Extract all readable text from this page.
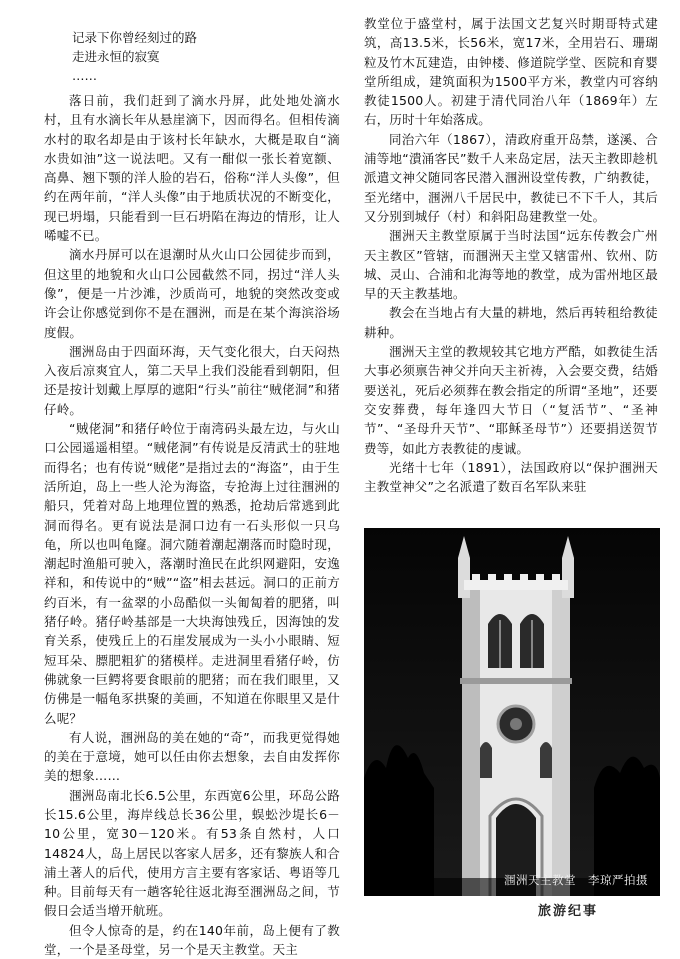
记录下你曾经刻过的路
走进永恒的寂寞
……

落日前，我们赶到了滴水丹屏，此处地处滴水村，且有水滴长年从悬崖滴下，因而得名。但相传滴水村的取名却是由于该村长年缺水，大概是取自“滴水贵如油”这一说法吧。又有一酣似一张长着宽额、高鼻、翘下颚的洋人脸的岩石，俗称“洋人头像”，但约在两年前，“洋人头像”由于地质状况的不断变化，现已坍塌，只能看到一巨石坍陷在海边的情形，让人唏嘘不已。

滴水丹屏可以在退潮时从火山口公园徒步而到，但这里的地貌和火山口公园截然不同，拐过“洋人头像”，便是一片沙滩，沙质尚可，地貌的突然改变或许会让你感觉到你不是在涠洲，而是在某个海滨浴场度假。

涠洲岛由于四面环海，天气变化很大，白天闷热入夜后凉爽宜人，第二天早上我们没能看到朝阳，但还是按计划戴上厚厚的遮阳“行头”前往“贼佬洞”和猪仔岭。

“贼佬洞”和猪仔岭位于南湾码头最左边，与火山口公园遥遥相望。“贼佬洞”有传说是反清武士的驻地而得名；也有传说“贼佬”是指过去的“海盗”，由于生活所迫，岛上一些人沦为海盗，专抢海上过往涠洲的船只，凭着对岛上地理位置的熟悉，抢劫后常逃到此洞而得名。更有说法是洞口边有一石头形似一只乌龟，所以也叫龟窿。洞穴随着潮起潮落而时隐时现，潮起时渔船可驶入，落潮时渔民在此织网避阳，安逸祥和，和传说中的“贼”“盗”相去甚远。洞口的正前方约百米，有一盆翠的小岛酷似一头匍匐着的肥猪，叫猪仔岭。猪仔岭基部是一大块海蚀残丘，因海蚀的发育关系，使残丘上的石崖发展成为一头小小眼睛、短短耳朵、膘肥粗犷的猪模样。走进洞里看猪仔岭，仿佛就象一巨鳄将要食眼前的肥猪；而在我们眼里，又仿佛是一幅龟豕拱聚的美画，不知道在你眼里又是什么呢？

有人说，涠洲岛的美在她的“奇”，而我更觉得她的美在于意境，她可以任由你去想象，去自由发挥你美的想象……

涠洲岛南北长6.5公里，东西宽6公里，环岛公路长15.6公里，海岸线总长36公里，蜈蚣沙堤长6－10公里，宽30－120米。有53条自然村，人口14824人，岛上居民以客家人居多，还有黎族人和合浦土著人的后代，使用方言主要有客家话、粤语等几种。目前每天有一趟客轮往返北海至涠洲岛之间，节假日会适当增开航班。

但令人惊奇的是，约在140年前，岛上便有了教堂，一个是圣母堂，另一个是天主教堂。天主

教堂位于盛堂村，属于法国文艺复兴时期哥特式建筑，高13.5米，长56米，宽17米，全用岩石、珊瑚粒及竹木瓦建造，由钟楼、修道院学堂、医院和育婴堂所组成，建筑面积为1500平方米，教堂内可容纳教徒1500人。初建于清代同治八年（1869年）左右，历时十年始落成。

同治六年（1867），清政府重开岛禁，遂溪、合浦等地“潰涌客民”数千人来岛定居，法天主教即趁机派遣文神父随同客民潜入涠洲设堂传教，广纳教徒，至光绪中，涠洲八千居民中，教徒已不下千人，其后又分别到城仔（村）和斜阳岛建教堂一处。

涠洲天主教堂原属于当时法国“远东传教会广州天主教区”管辖，而涠洲天主堂又辖雷州、钦州、防城、灵山、合浦和北海等地的教堂，成为雷州地区最早的天主教基地。

教会在当地占有大量的耕地，然后再转租给教徒耕种。

涠洲天主堂的教规较其它地方严酷，如教徒生活大事必须禀告神父并向天主祈祷，入会要交费，结婚要送礼，死后必须葬在教会指定的所谓“圣地”，还要交安葬费，每年逢四大节日（“复活节”、“圣神节”、“圣母升天节”、“耶稣圣母节”）还要捐送贺节费等，如此方表教徒的虔诚。

光绪十七年（1891），法国政府以“保护涠洲天主教堂神父”之名派遣了数百名军队来驻

涠洲天主教堂　李琼严拍摄
旅游纪事
